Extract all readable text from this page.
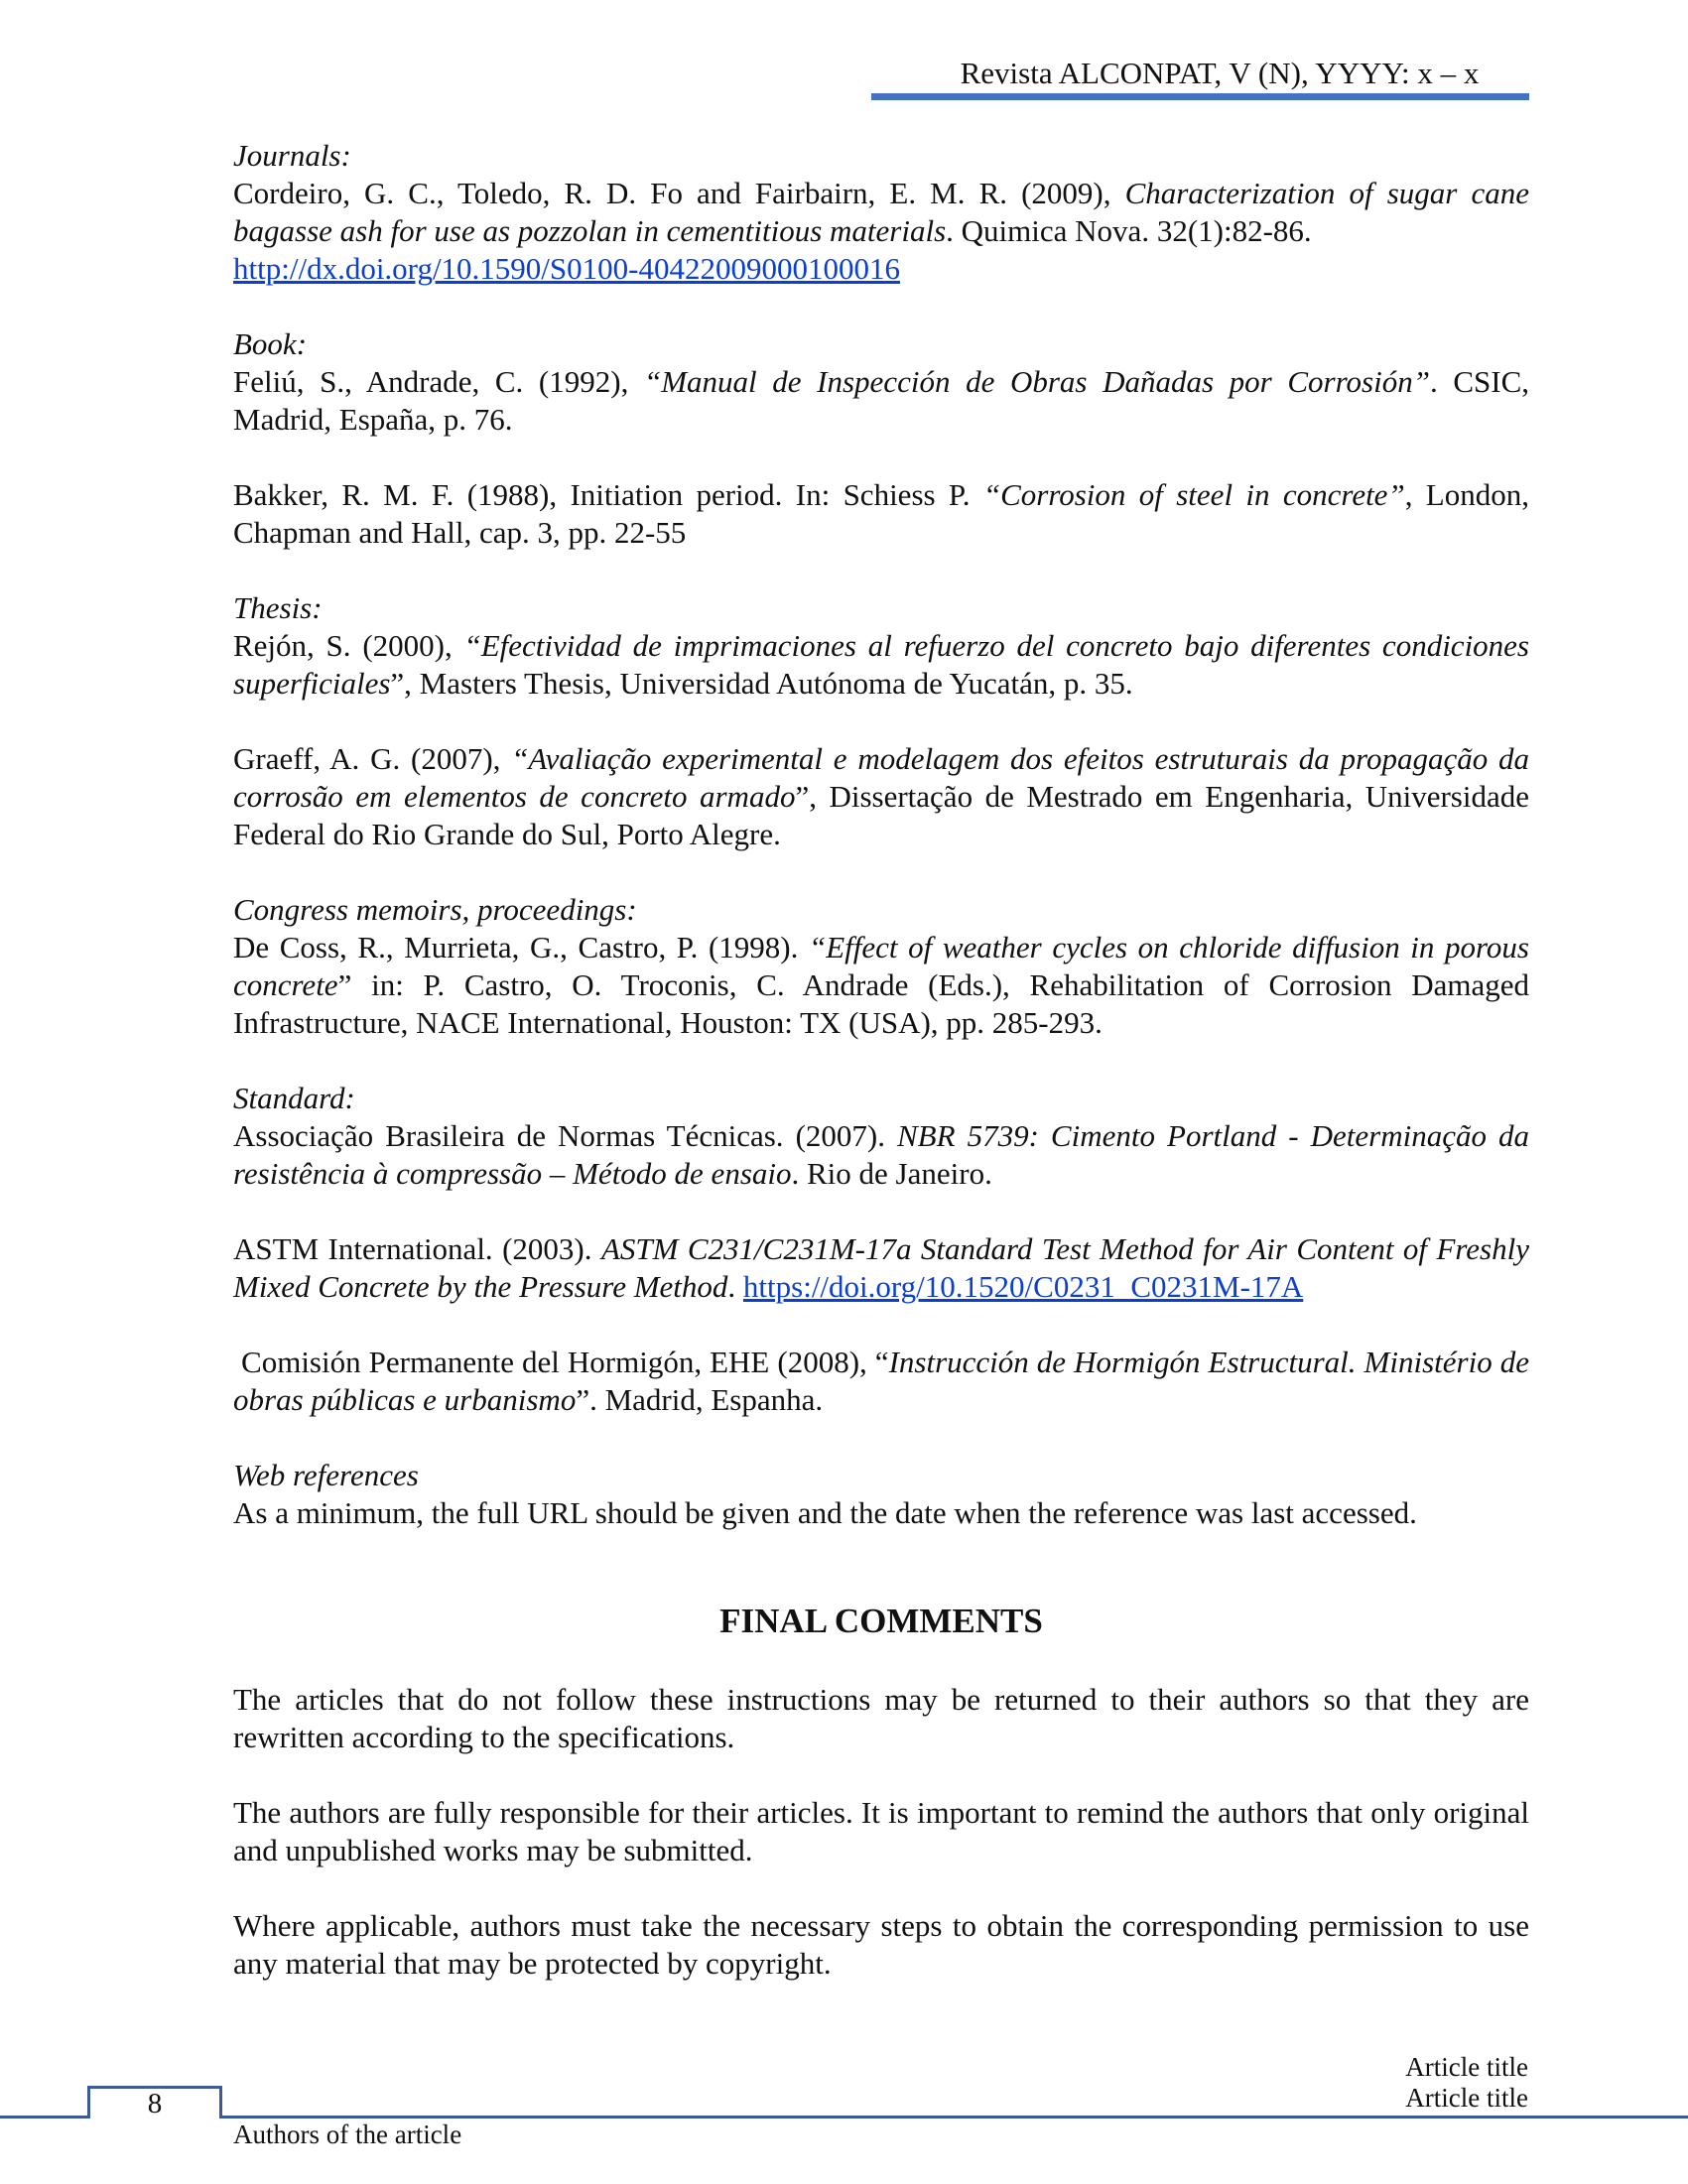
Revista ALCONPAT, V (N), YYYY: x – x
Journals:

Cordeiro, G. C., Toledo, R. D. Fo and Fairbairn, E. M. R. (2009), Characterization of sugar cane bagasse ash for use as pozzolan in cementitious materials. Quimica Nova. 32(1):82-86.
http://dx.doi.org/10.1590/S0100-40422009000100016

Book:

Feliú, S., Andrade, C. (1992), “Manual de Inspección de Obras Dañadas por Corrosión”. CSIC, Madrid, España, p. 76.

Bakker, R. M. F. (1988), Initiation period. In: Schiess P. “Corrosion of steel in concrete”, London, Chapman and Hall, cap. 3, pp. 22-55

Thesis:

Rejón, S. (2000), “Efectividad de imprimaciones al refuerzo del concreto bajo diferentes condiciones superficiales”, Masters Thesis, Universidad Autónoma de Yucatán, p. 35.

Graeff, A. G. (2007), “Avaliação experimental e modelagem dos efeitos estruturais da propagação da corrosão em elementos de concreto armado”, Dissertação de Mestrado em Engenharia, Universidade Federal do Rio Grande do Sul, Porto Alegre.

Congress memoirs, proceedings:

De Coss, R., Murrieta, G., Castro, P. (1998). “Effect of weather cycles on chloride diffusion in porous concrete” in: P. Castro, O. Troconis, C. Andrade (Eds.), Rehabilitation of Corrosion Damaged Infrastructure, NACE International, Houston: TX (USA), pp. 285-293.

Standard:

Associação Brasileira de Normas Técnicas. (2007). NBR 5739: Cimento Portland - Determinação da resistência à compressão – Método de ensaio. Rio de Janeiro.

ASTM International. (2003). ASTM C231/C231M-17a Standard Test Method for Air Content of Freshly Mixed Concrete by the Pressure Method. https://doi.org/10.1520/C0231_C0231M-17A

Comisión Permanente del Hormigón, EHE (2008), “Instrucción de Hormigón Estructural. Ministério de obras públicas e urbanismo”. Madrid, Espanha.

Web references

As a minimum, the full URL should be given and the date when the reference was last accessed.

FINAL COMMENTS

The articles that do not follow these instructions may be returned to their authors so that they are rewritten according to the specifications.

The authors are fully responsible for their articles. It is important to remind the authors that only original and unpublished works may be submitted.

Where applicable, authors must take the necessary steps to obtain the corresponding permission to use any material that may be protected by copyright.

8
Article title
Article title
Authors of the article
